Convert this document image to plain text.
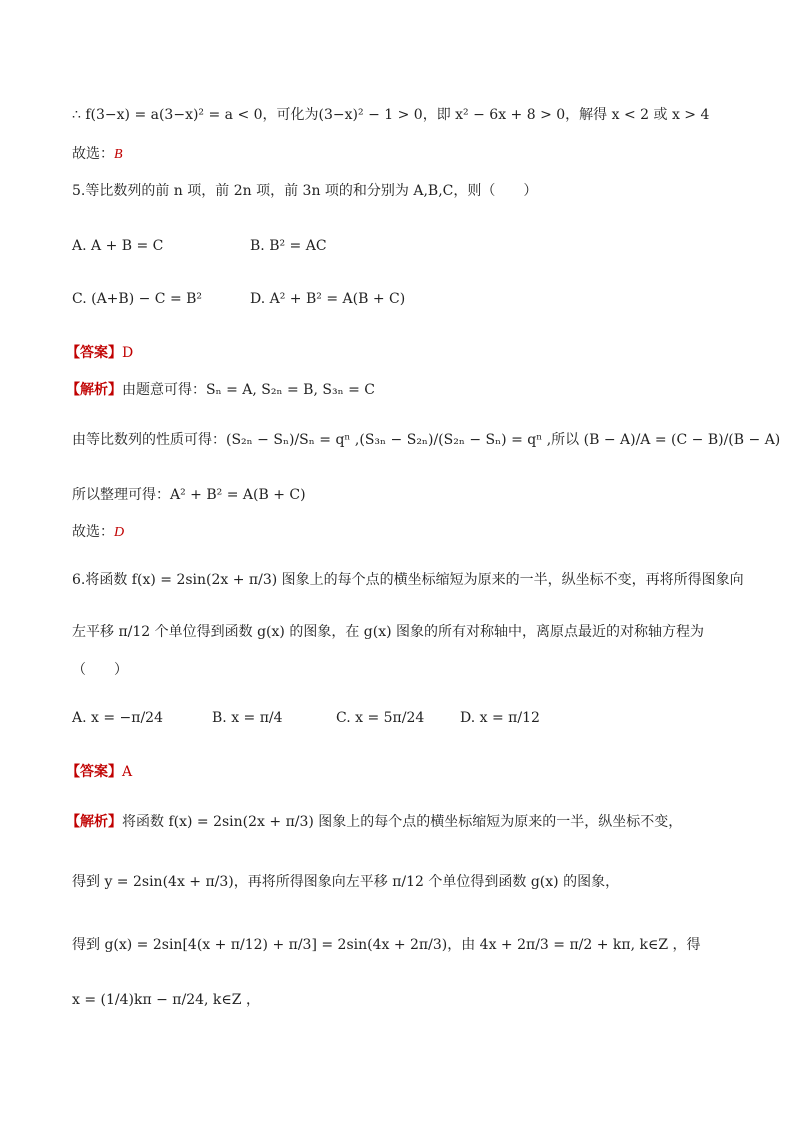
∴ f(3−x) = a(3−x)² = a < 0，可化为(3−x)² − 1 > 0，即 x² − 6x + 8 > 0，解得 x < 2 或 x > 4
故选：B
5.等比数列的前 n 项，前 2n 项，前 3n 项的和分别为 A,B,C，则（　　）
A. A + B = C	B. B² = AC
C. (A+B) − C = B²	D. A² + B² = A(B + C)
【答案】D
【解析】由题意可得：Sₙ = A, S₂ₙ = B, S₃ₙ = C
由等比数列的性质可得：(S₂ₙ − Sₙ)/Sₙ = qⁿ ,(S₃ₙ − S₂ₙ)/(S₂ₙ − Sₙ) = qⁿ ,所以 (B − A)/A = (C − B)/(B − A)
所以整理可得：A² + B² = A(B + C)
故选：D
6.将函数 f(x) = 2sin(2x + π/3) 图象上的每个点的横坐标缩短为原来的一半，纵坐标不变，再将所得图象向
左平移 π/12 个单位得到函数 g(x) 的图象，在 g(x) 图象的所有对称轴中，离原点最近的对称轴方程为
（　　）
A. x = −π/24	B. x = π/4	C. x = 5π/24	D. x = π/12
【答案】A
【解析】将函数 f(x) = 2sin(2x + π/3) 图象上的每个点的横坐标缩短为原来的一半，纵坐标不变，
得到 y = 2sin(4x + π/3)，再将所得图象向左平移 π/12 个单位得到函数 g(x) 的图象，
得到 g(x) = 2sin[4(x + π/12) + π/3] = 2sin(4x + 2π/3)，由 4x + 2π/3 = π/2 + kπ, k∈Z ，得
x = (1/4)kπ − π/24, k∈Z ，
